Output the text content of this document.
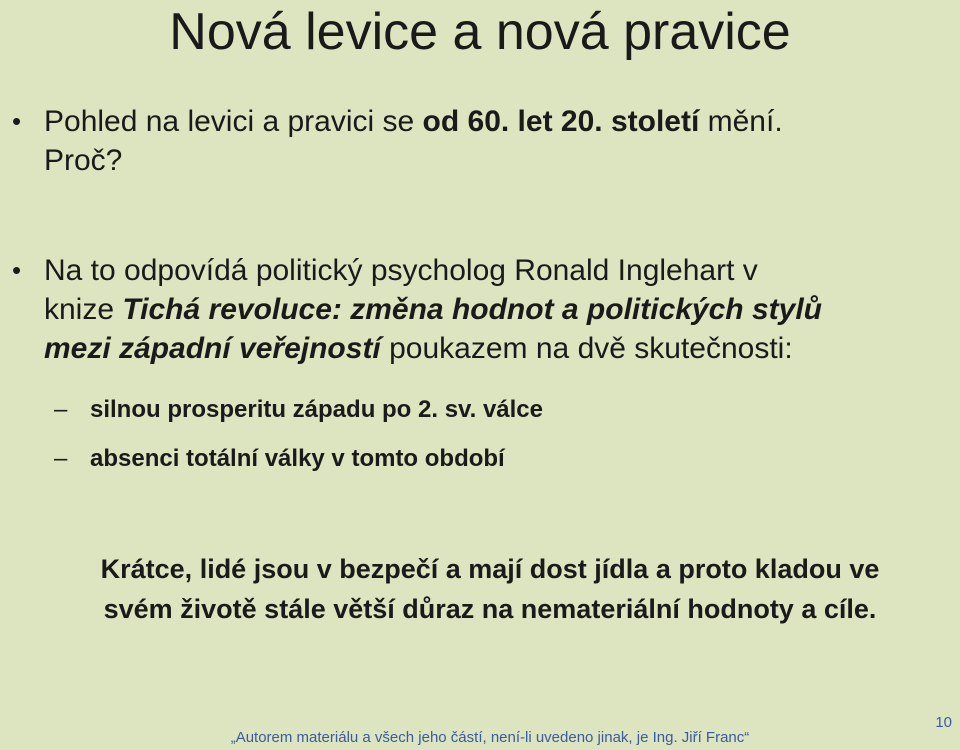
Nová levice a nová pravice
• Pohled na levici a pravici se od 60. let 20. století mění.
Proč?
• Na to odpovídá politický psycholog Ronald Inglehart v
knize Tichá revoluce: změna hodnot a politických stylů
mezi západní veřejností poukazem na dvě skutečnosti:
– silnou prosperitu západu po 2. sv. válce
– absenci totální války v tomto období
Krátce, lidé jsou v bezpečí a mají dost jídla a proto kladou ve
svém životě stále větší důraz na nemateriální hodnoty a cíle.
„Autorem materiálu a všech jeho částí, není-li uvedeno jinak, je Ing. Jiří Franc“
10
